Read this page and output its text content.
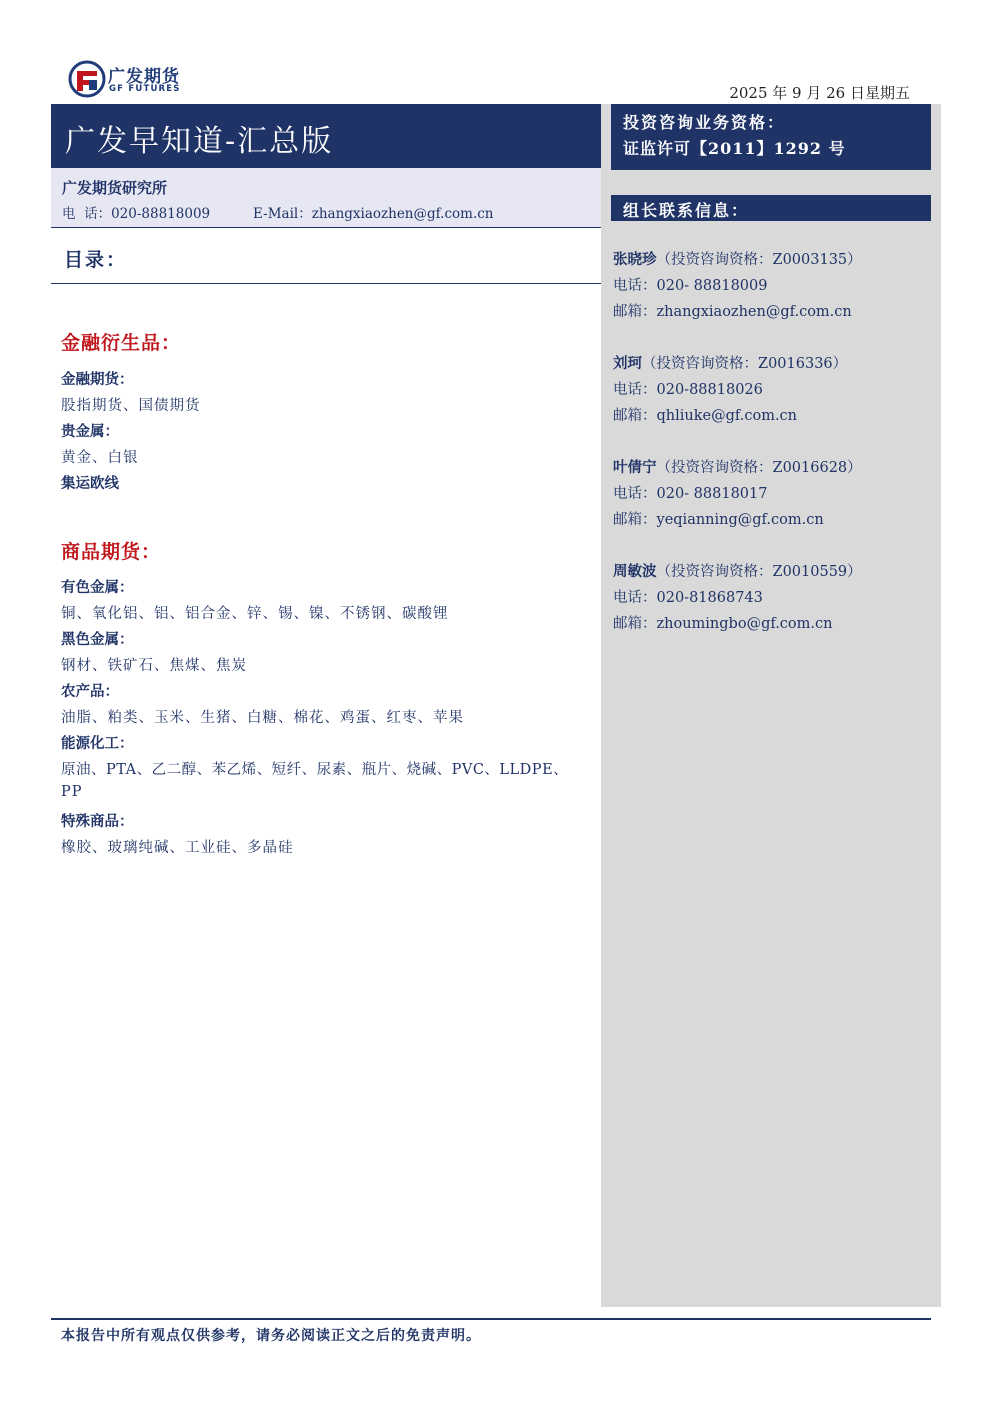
广发期货
GF FUTURES	2025 年 9 月 26 日星期五
广发早知道-汇总版
广发期货研究所
电  话：020-88818009          E-Mail：zhangxiaozhen@gf.com.cn
投资咨询业务资格：
证监许可【2011】1292 号
组长联系信息：
张晓珍（投资咨询资格：Z0003135）
电话：020- 88818009
邮箱：zhangxiaozhen@gf.com.cn
刘珂（投资咨询资格：Z0016336）
电话：020-88818026
邮箱：qhliuke@gf.com.cn
叶倩宁（投资咨询资格：Z0016628）
电话：020- 88818017
邮箱：yeqianning@gf.com.cn
周敏波（投资咨询资格：Z0010559）
电话：020-81868743
邮箱：zhoumingbo@gf.com.cn
目录：
金融衍生品：
金融期货：
股指期货、国债期货
贵金属：
黄金、白银
集运欧线
商品期货：
有色金属：
铜、氧化铝、铝、铝合金、锌、锡、镍、不锈钢、碳酸锂
黑色金属：
钢材、铁矿石、焦煤、焦炭
农产品：
油脂、粕类、玉米、生猪、白糖、棉花、鸡蛋、红枣、苹果
能源化工：
原油、PTA、乙二醇、苯乙烯、短纤、尿素、瓶片、烧碱、PVC、LLDPE、
PP
特殊商品：
橡胶、玻璃纯碱、工业硅、多晶硅
本报告中所有观点仅供参考，请务必阅读正文之后的免责声明。
